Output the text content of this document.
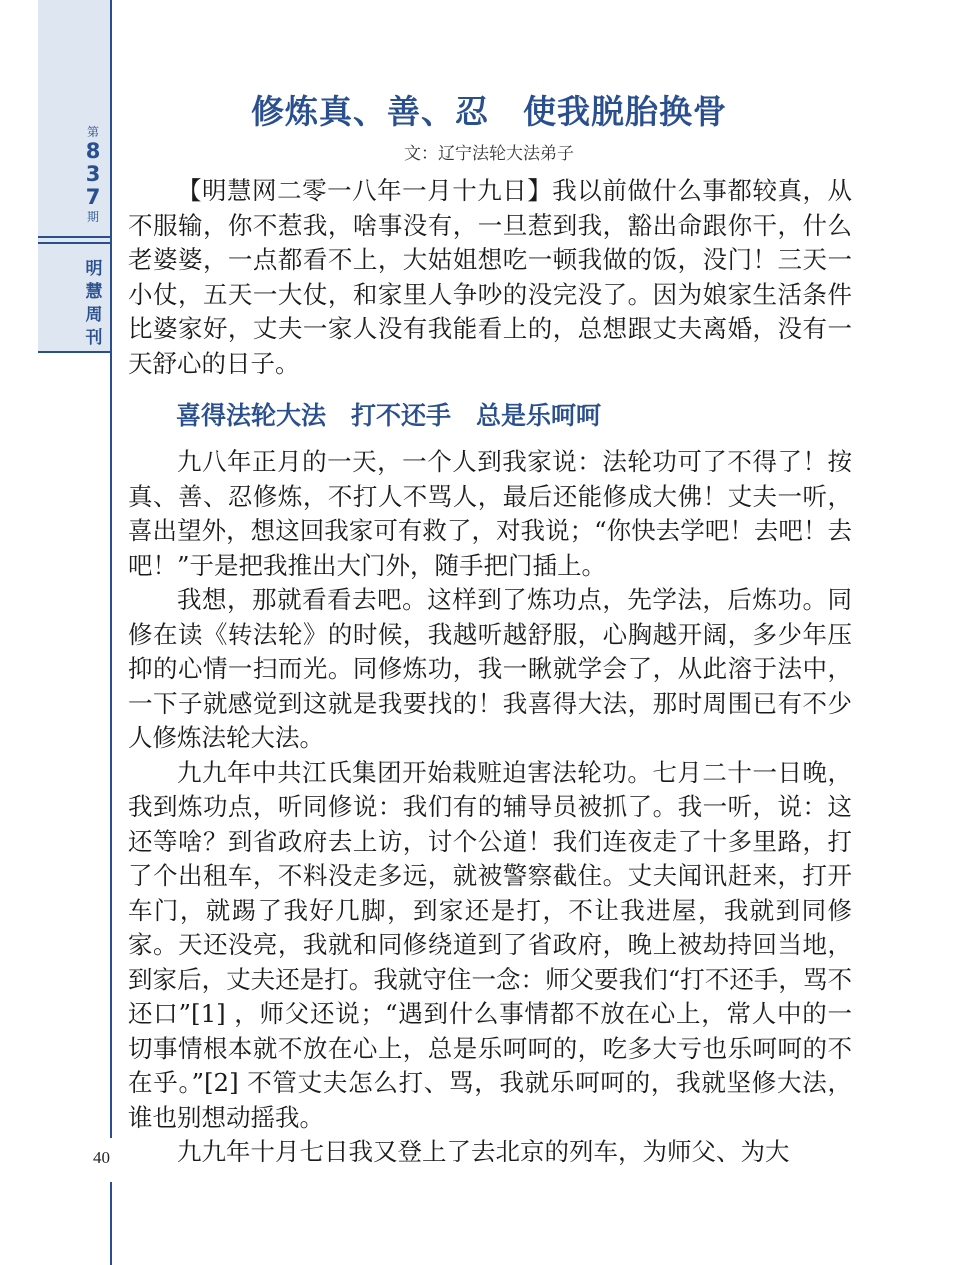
第
8
3
7
期
明
慧
周
刊
修炼真、善、忍　使我脱胎换骨
文：辽宁法轮大法弟子

【明慧网二零一八年一月十九日】我以前做什么事都较真，从不服输，你不惹我，啥事没有，一旦惹到我，豁出命跟你干，什么老婆婆，一点都看不上，大姑姐想吃一顿我做的饭，没门！三天一小仗，五天一大仗，和家里人争吵的没完没了。因为娘家生活条件比婆家好，丈夫一家人没有我能看上的，总想跟丈夫离婚，没有一天舒心的日子。

喜得法轮大法　打不还手　总是乐呵呵

九八年正月的一天，一个人到我家说：法轮功可了不得了！按真、善、忍修炼，不打人不骂人，最后还能修成大佛！丈夫一听，喜出望外，想这回我家可有救了，对我说；“你快去学吧！去吧！去吧！”于是把我推出大门外，随手把门插上。

我想，那就看看去吧。这样到了炼功点，先学法，后炼功。同修在读《转法轮》的时候，我越听越舒服，心胸越开阔，多少年压抑的心情一扫而光。同修炼功，我一瞅就学会了，从此溶于法中，一下子就感觉到这就是我要找的！我喜得大法，那时周围已有不少人修炼法轮大法。

九九年中共江氏集团开始栽赃迫害法轮功。七月二十一日晚，我到炼功点，听同修说：我们有的辅导员被抓了。我一听，说：这还等啥？到省政府去上访，讨个公道！我们连夜走了十多里路，打了个出租车，不料没走多远，就被警察截住。丈夫闻讯赶来，打开车门，就踢了我好几脚，到家还是打，不让我进屋，我就到同修家。天还没亮，我就和同修绕道到了省政府，晚上被劫持回当地，到家后，丈夫还是打。我就守住一念：师父要我们“打不还手，骂不还口”[1] ，师父还说；“遇到什么事情都不放在心上，常人中的一切事情根本就不放在心上，总是乐呵呵的，吃多大亏也乐呵呵的不在乎。”[2] 不管丈夫怎么打、骂，我就乐呵呵的，我就坚修大法，谁也别想动摇我。

九九年十月七日我又登上了去北京的列车，为师父、为大

40
